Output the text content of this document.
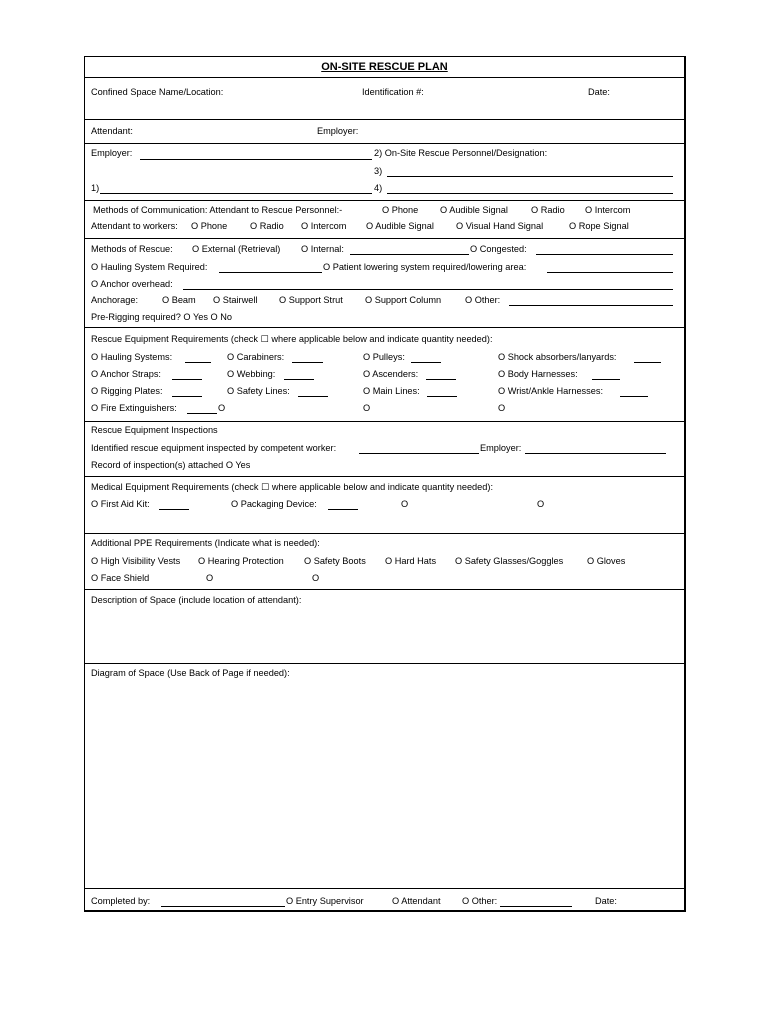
ON-SITE RESCUE PLAN
Confined Space Name/Location:	Identification #:	Date:
Attendant:	Employer:
Employer:	2) On-Site Rescue Personnel/Designation:
3)
1)	4)
Methods of Communication: Attendant to Rescue Personnel:-	O Phone O Audible Signal	O Radio O Intercom
Attendant to workers: O Phone O Radio O Intercom O Audible Signal O Visual Hand Signal	O Rope Signal
Methods of Rescue: O External (Retrieval) O Internal:	O Congested:
O Hauling System Required:	O Patient lowering system required/lowering area:
O Anchor overhead:
Anchorage:	O Beam O Stairwell O Support Strut O Support Column	O Other:
Pre-Rigging required? O Yes O No
Rescue Equipment Requirements (check ☐ where applicable below and indicate quantity needed):
O Hauling Systems:	O Carabiners:	O Pulleys:	O Shock absorbers/lanyards:
O Anchor Straps:	O Webbing:	O Ascenders:	O Body Harnesses:
O Rigging Plates:	O Safety Lines:	O Main Lines:	O Wrist/Ankle Harnesses:
O Fire Extinguishers:	O	O	O
Rescue Equipment Inspections
Identified rescue equipment inspected by competent worker:	Employer:
Record of inspection(s) attached O Yes
Medical Equipment Requirements (check ☐ where applicable below and indicate quantity needed):
O First Aid Kit:	O Packaging Device:	O	O
Additional PPE Requirements (Indicate what is needed):
O High Visibility Vests O Hearing Protection O Safety Boots O Hard Hats O Safety Glasses/Goggles	O Gloves
O Face Shield	O	O
Description of Space (include location of attendant):
Diagram of Space (Use Back of Page if needed):
Completed by:	O Entry Supervisor	O Attendant O Other:	Date:
